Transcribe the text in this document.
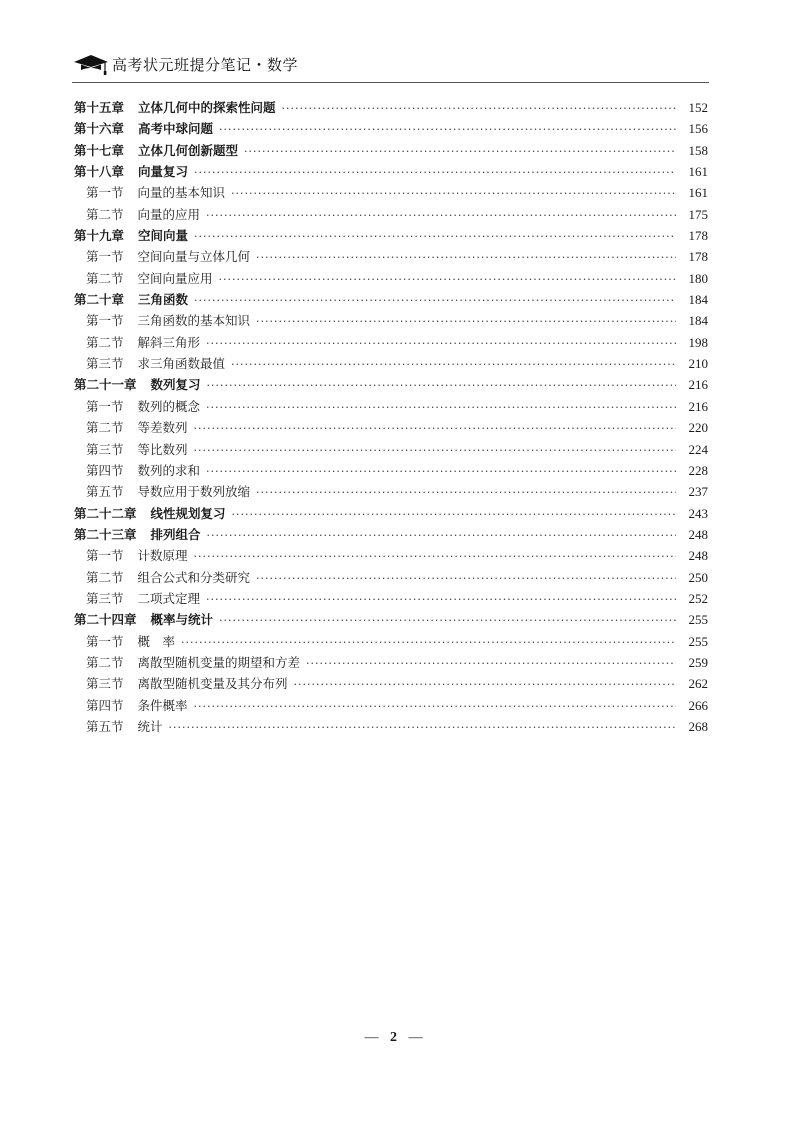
高考状元班提分笔记・数学
第十五章 立体几何中的探索性问题 ·····	152
第十六章 高考中球问题 ·····	156
第十七章 立体几何创新题型 ·····	158
第十八章 向量复习 ·····	161
第一节 向量的基本知识 ·····	161
第二节 向量的应用 ·····	175
第十九章 空间向量 ·····	178
第一节 空间向量与立体几何 ·····	178
第二节 空间向量应用 ·····	180
第二十章 三角函数 ·····	184
第一节 三角函数的基本知识 ·····	184
第二节 解斜三角形 ·····	198
第三节 求三角函数最值 ·····	210
第二十一章 数列复习 ·····	216
第一节 数列的概念 ·····	216
第二节 等差数列 ·····	220
第三节 等比数列 ·····	224
第四节 数列的求和 ·····	228
第五节 导数应用于数列放缩 ·····	237
第二十二章 线性规划复习 ·····	243
第二十三章 排列组合 ·····	248
第一节 计数原理 ·····	248
第二节 组合公式和分类研究 ·····	250
第三节 二项式定理 ·····	252
第二十四章 概率与统计 ·····	255
第一节 概　率 ·····	255
第二节 离散型随机变量的期望和方差 ·····	259
第三节 离散型随机变量及其分布列 ·····	262
第四节 条件概率 ·····	266
第五节 统计 ·····	268
— 2 —
